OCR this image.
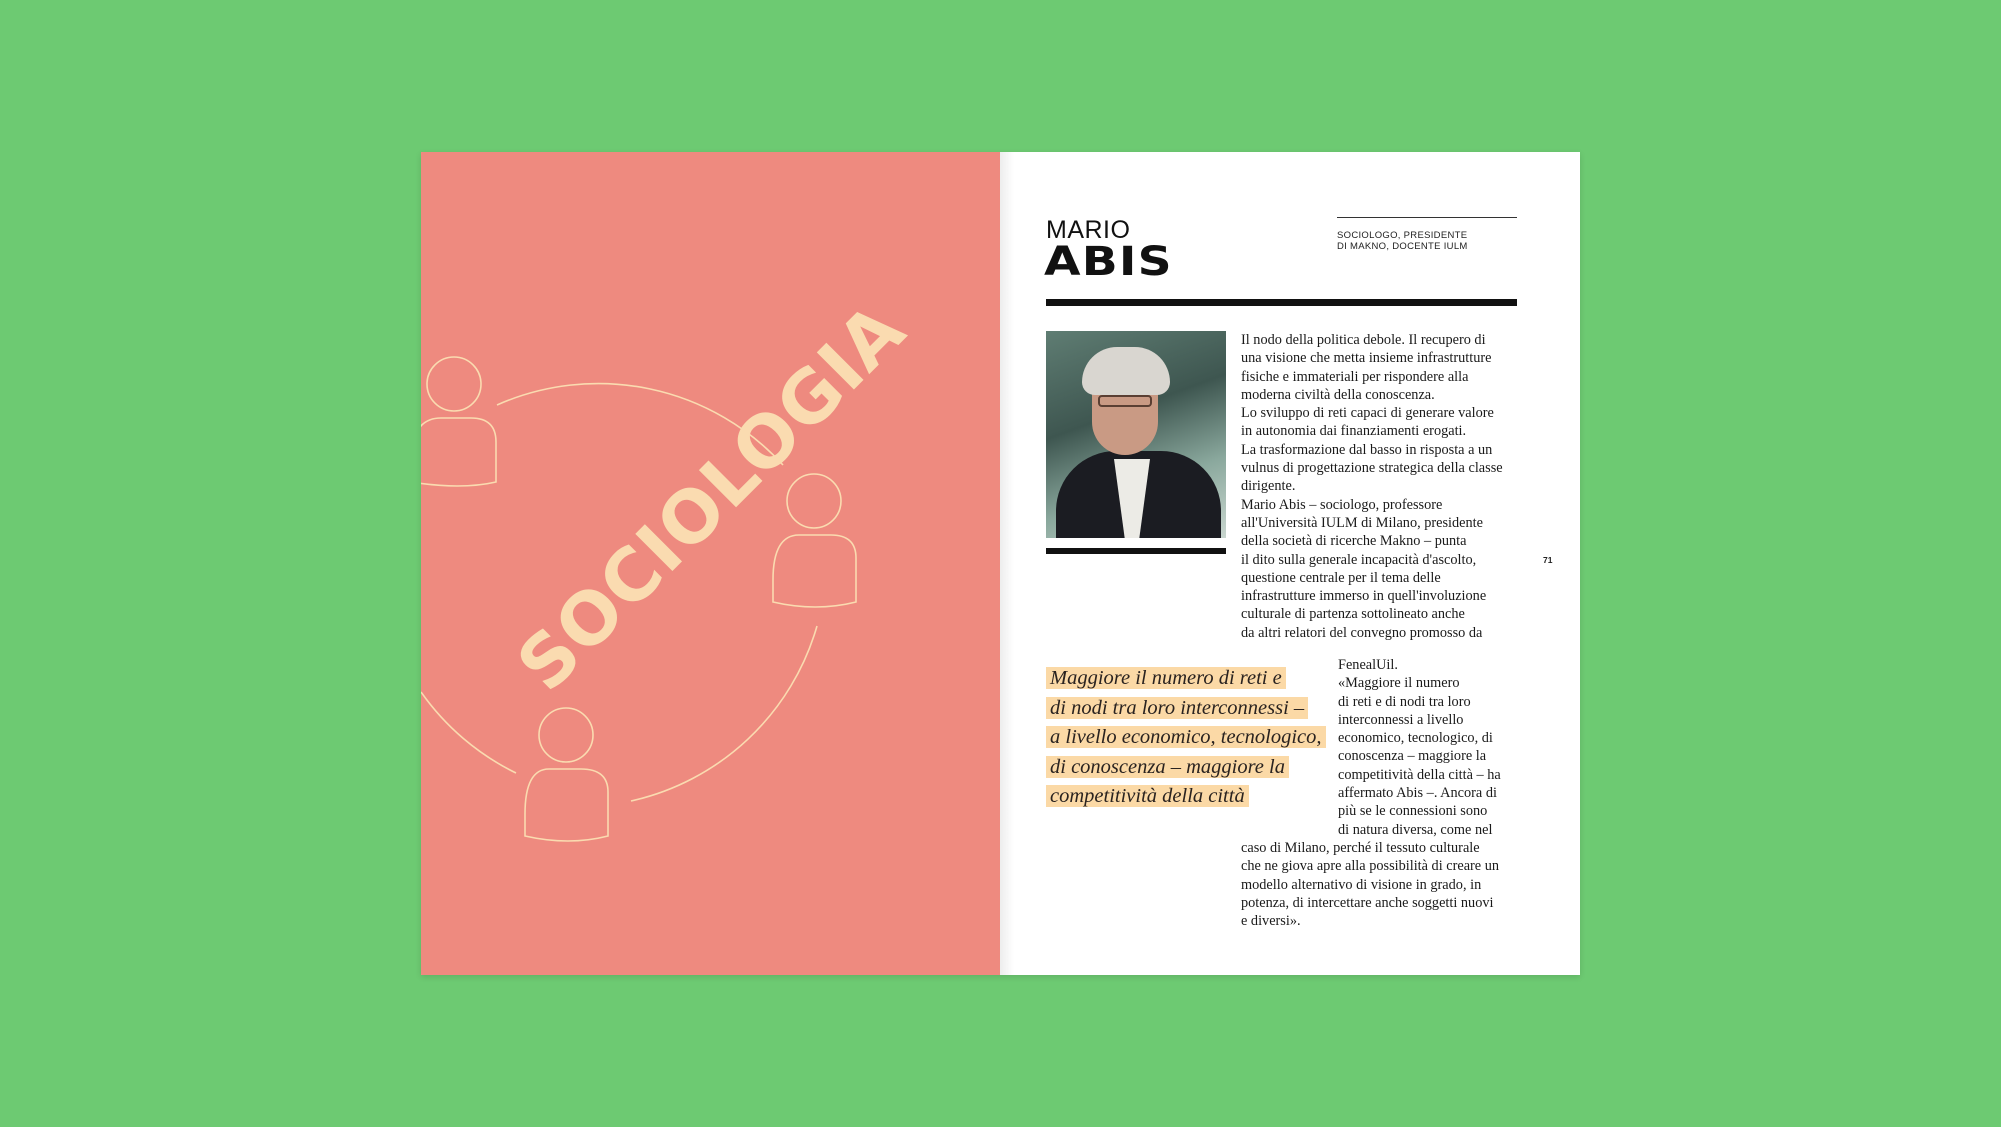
SOCIOLOGIA
MARIO
ABIS
SOCIOLOGO, PRESIDENTE
DI MAKNO, DOCENTE IULM

Il nodo della politica debole. Il recupero di

una visione che metta insieme infrastrutture

fisiche e immateriali per rispondere alla

moderna civiltà della conoscenza.

Lo sviluppo di reti capaci di generare valore

in autonomia dai finanziamenti erogati.

La trasformazione dal basso in risposta a un

vulnus di progettazione strategica della classe

dirigente.

Mario Abis – sociologo, professore

all'Università IULM di Milano, presidente

della società di ricerche Makno – punta

il dito sulla generale incapacità d'ascolto,

questione centrale per il tema delle

infrastrutture immerso in quell'involuzione

culturale di partenza sottolineato anche

da altri relatori del convegno promosso da

FenealUil.

«Maggiore il numero

di reti e di nodi tra loro

interconnessi a livello

economico, tecnologico, di

conoscenza – maggiore la

competitività della città – ha

affermato Abis –. Ancora di

più se le connessioni sono

di natura diversa, come nel

caso di Milano, perché il tessuto culturale

che ne giova apre alla possibilità di creare un

modello alternativo di visione in grado, in

potenza, di intercettare anche soggetti nuovi

e diversi».

Maggiore il numero di reti e
di nodi tra loro interconnessi –
a livello economico, tecnologico,
di conoscenza – maggiore la
competitività della città
71
